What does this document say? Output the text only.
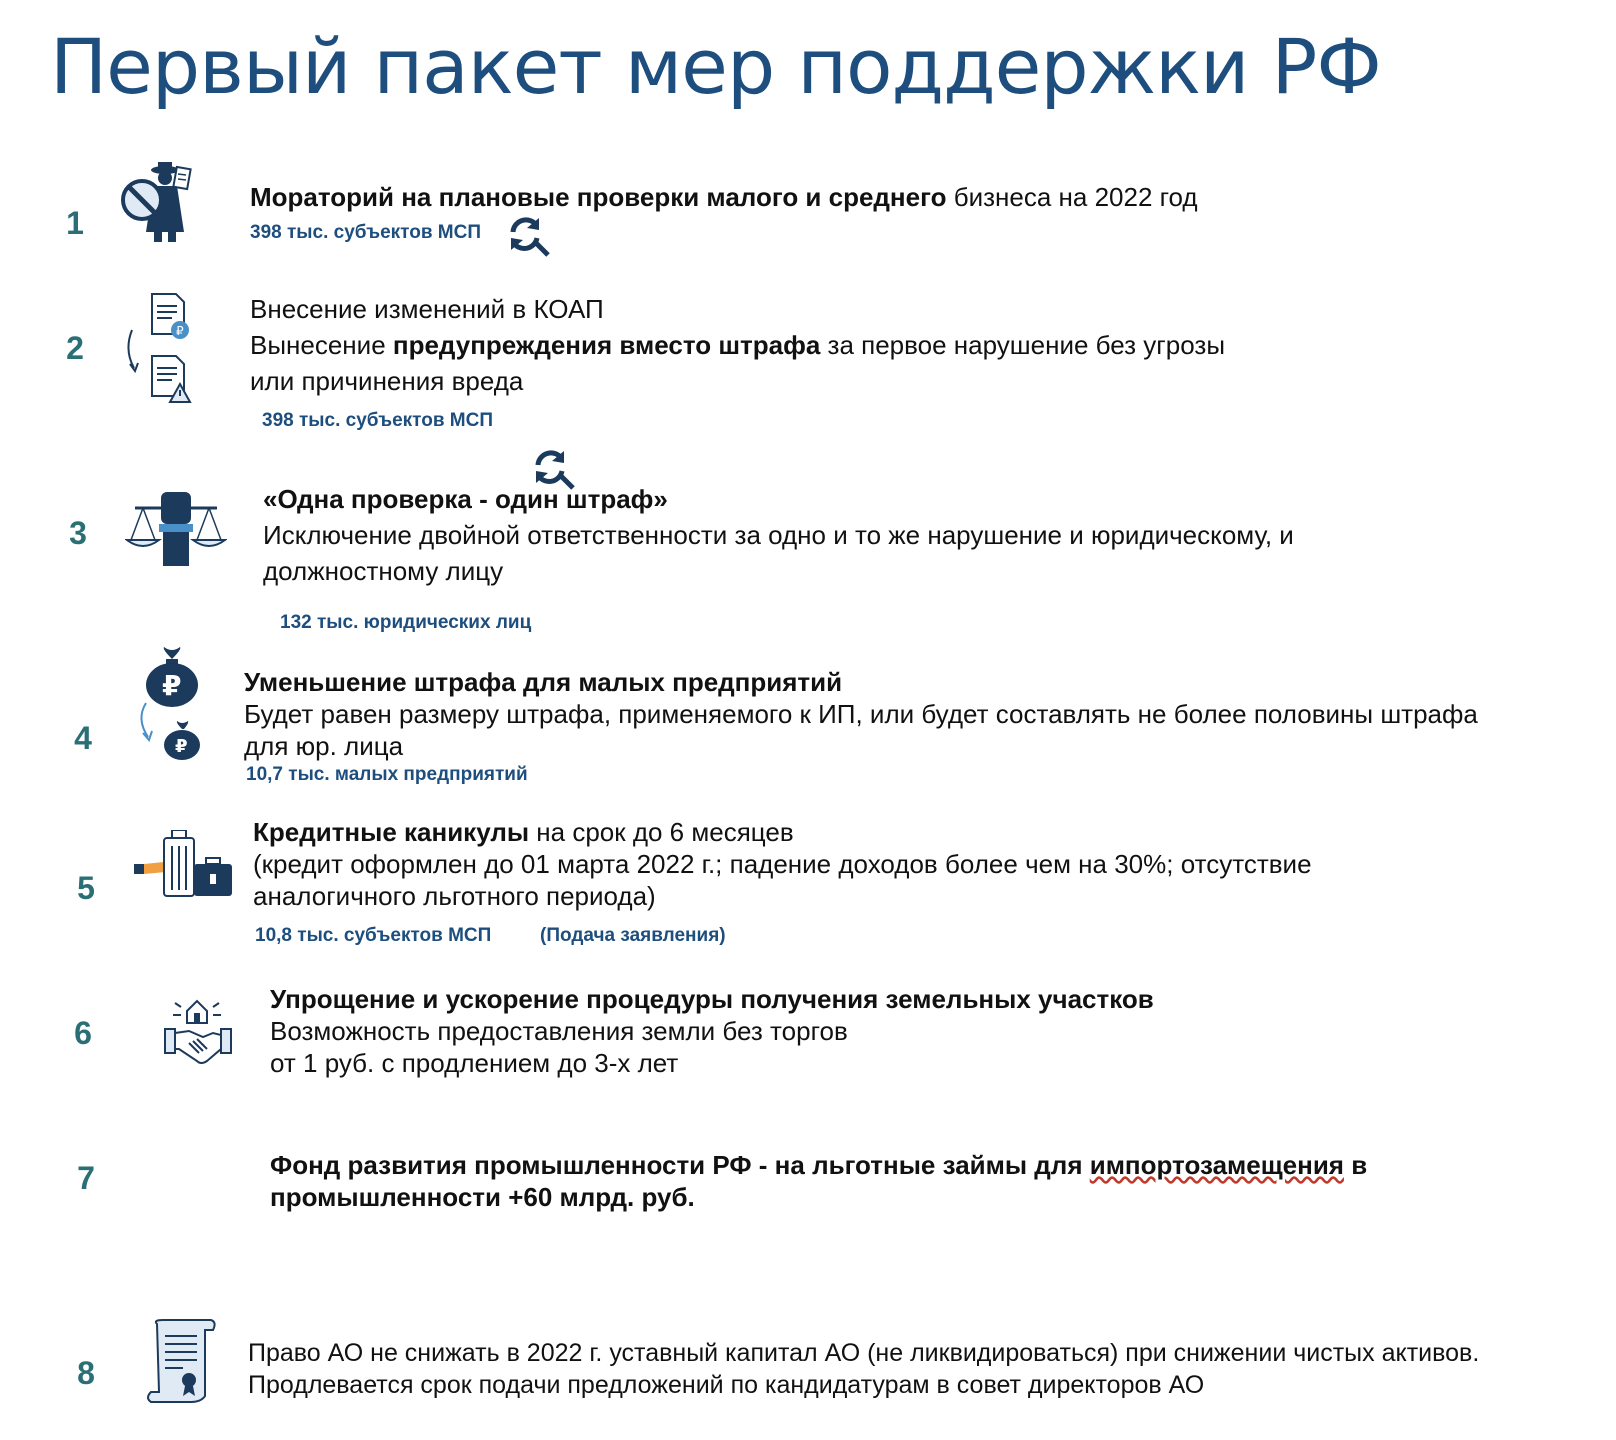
Первый пакет мер поддержки РФ
1
Мораторий на плановые проверки малого и среднего бизнеса на 2022 год
398 тыс. субъектов МСП
2	₽
Внесение изменений в КОАП
Вынесение предупреждения вместо штрафа за первое нарушение без угрозы
или причинения вреда
398 тыс. субъектов МСП
3
«Одна проверка - один штраф»
Исключение двойной ответственности за одно и то же нарушение и юридическому, и
должностному лицу
132 тыс. юридических лиц
4
₽
₽
Уменьшение штрафа для малых предприятий
Будет равен размеру штрафа, применяемого к ИП, или будет составлять не более половины штрафа
для юр. лица
10,7 тыс. малых предприятий
5
Кредитные каникулы на срок до 6 месяцев
(кредит оформлен до 01 марта 2022 г.; падение доходов более чем на 30%; отсутствие
аналогичного льготного периода)
10,8 тыс. субъектов МСП	(Подача заявления)
6
Упрощение и ускорение процедуры получения земельных участков
Возможность предоставления земли без торгов
от 1 руб. с продлением до 3-х лет
7	Фонд развития промышленности РФ - на льготные займы для импортозамещения в
промышленности +60 млрд. руб.
8
Право АО не снижать в 2022 г. уставный капитал АО (не ликвидироваться) при снижении чистых активов.
Продлевается срок подачи предложений по кандидатурам в совет директоров АО
